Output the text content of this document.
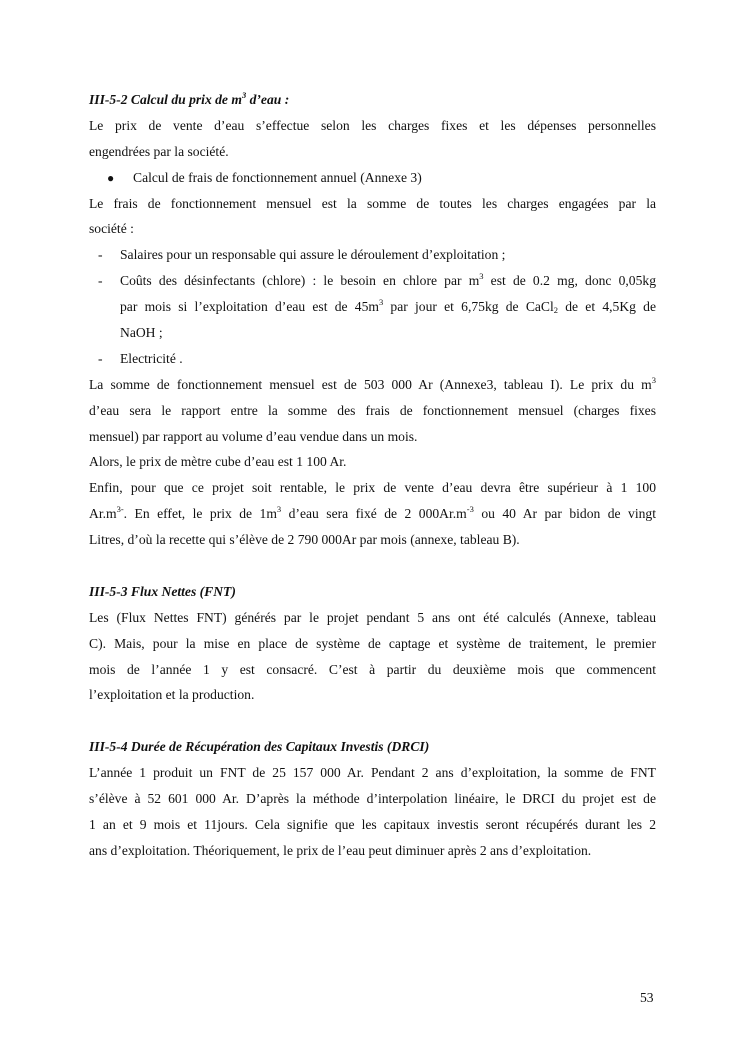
III-5-2 Calcul du prix de $m^3$ d’eau :
Le prix de vente d’eau s’effectue selon les charges fixes et les dépenses personnelles
engendrées par la société.
● Calcul de frais de fonctionnement annuel (Annexe 3)
Le frais de fonctionnement mensuel est la somme de toutes les charges engagées par la
société :
- Salaires pour un responsable qui assure le déroulement d’exploitation ;
- Coûts des désinfectants (chlore) : le besoin en chlore par $m^3$ est de 0.2 mg, donc 0,05kg
par mois si l’exploitation d’eau est de $45m^3$ par jour et 6,75kg de CaCl$_2$ de et 4,5Kg de
NaOH ;
- Electricité .
La somme de fonctionnement mensuel est de 503 000 Ar (Annexe3, tableau I). Le prix du $m^3$
d’eau sera le rapport entre la somme des frais de fonctionnement mensuel (charges fixes
mensuel) par rapport au volume d’eau vendue dans un mois.
Alors, le prix de mètre cube d’eau est 1 100 Ar.
Enfin, pour que ce projet soit rentable, le prix de vente d’eau devra être supérieur à 1 100
$Ar.m^{3-}$. En effet, le prix de $1m^3$ d’eau sera fixé de 2 $000Ar.m^{-3}$ ou 40 Ar par bidon de vingt
Litres, d’où la recette qui s’élève de 2 790 000Ar par mois (annexe, tableau B).
III-5-3 Flux Nettes (FNT)
Les (Flux Nettes FNT) générés par le projet pendant 5 ans ont été calculés (Annexe, tableau
C). Mais, pour la mise en place de système de captage et système de traitement, le premier
mois de l’année 1 y est consacré. C’est à partir du deuxième mois que commencent
l’exploitation et la production.
III-5-4 Durée de Récupération des Capitaux Investis (DRCI)
L’année 1 produit un FNT de 25 157 000 Ar. Pendant 2 ans d’exploitation, la somme de FNT
s’élève à 52 601 000 Ar. D’après la méthode d’interpolation linéaire, le DRCI du projet est de
1 an et 9 mois et 11jours. Cela signifie que les capitaux investis seront récupérés durant les 2
ans d’exploitation. Théoriquement, le prix de l’eau peut diminuer après 2 ans d’exploitation.
53
